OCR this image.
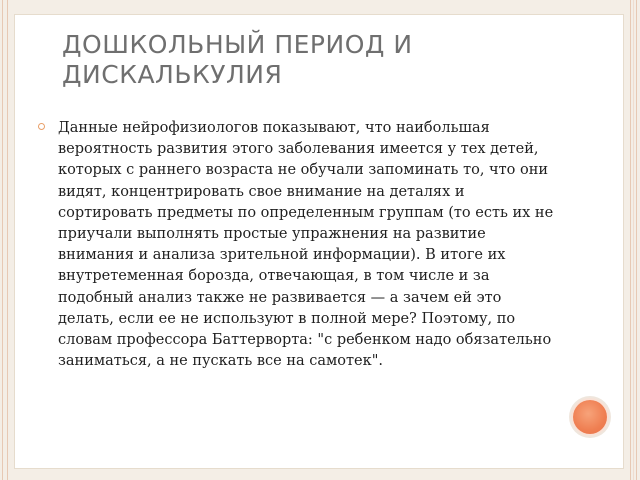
ДОШКОЛЬНЫЙ ПЕРИОД И
ДИСКАЛЬКУЛИЯ

Данные нейрофизиологов показывают, что наибольшая вероятность развития этого заболевания имеется у тех детей, которых с раннего возраста не обучали запоминать то, что они видят, концентрировать свое внимание на деталях и сортировать предметы по определенным группам (то есть их не приучали выполнять простые упражнения на развитие внимания и анализа зрительной информации). В итоге их внутретеменная борозда, отвечающая, в том числе и за подобный анализ также не развивается — а зачем ей это делать, если ее не используют в полной мере? Поэтому, по словам профессора Баттерворта: "с ребенком надо обязательно заниматься, а не пускать все на самотек".
